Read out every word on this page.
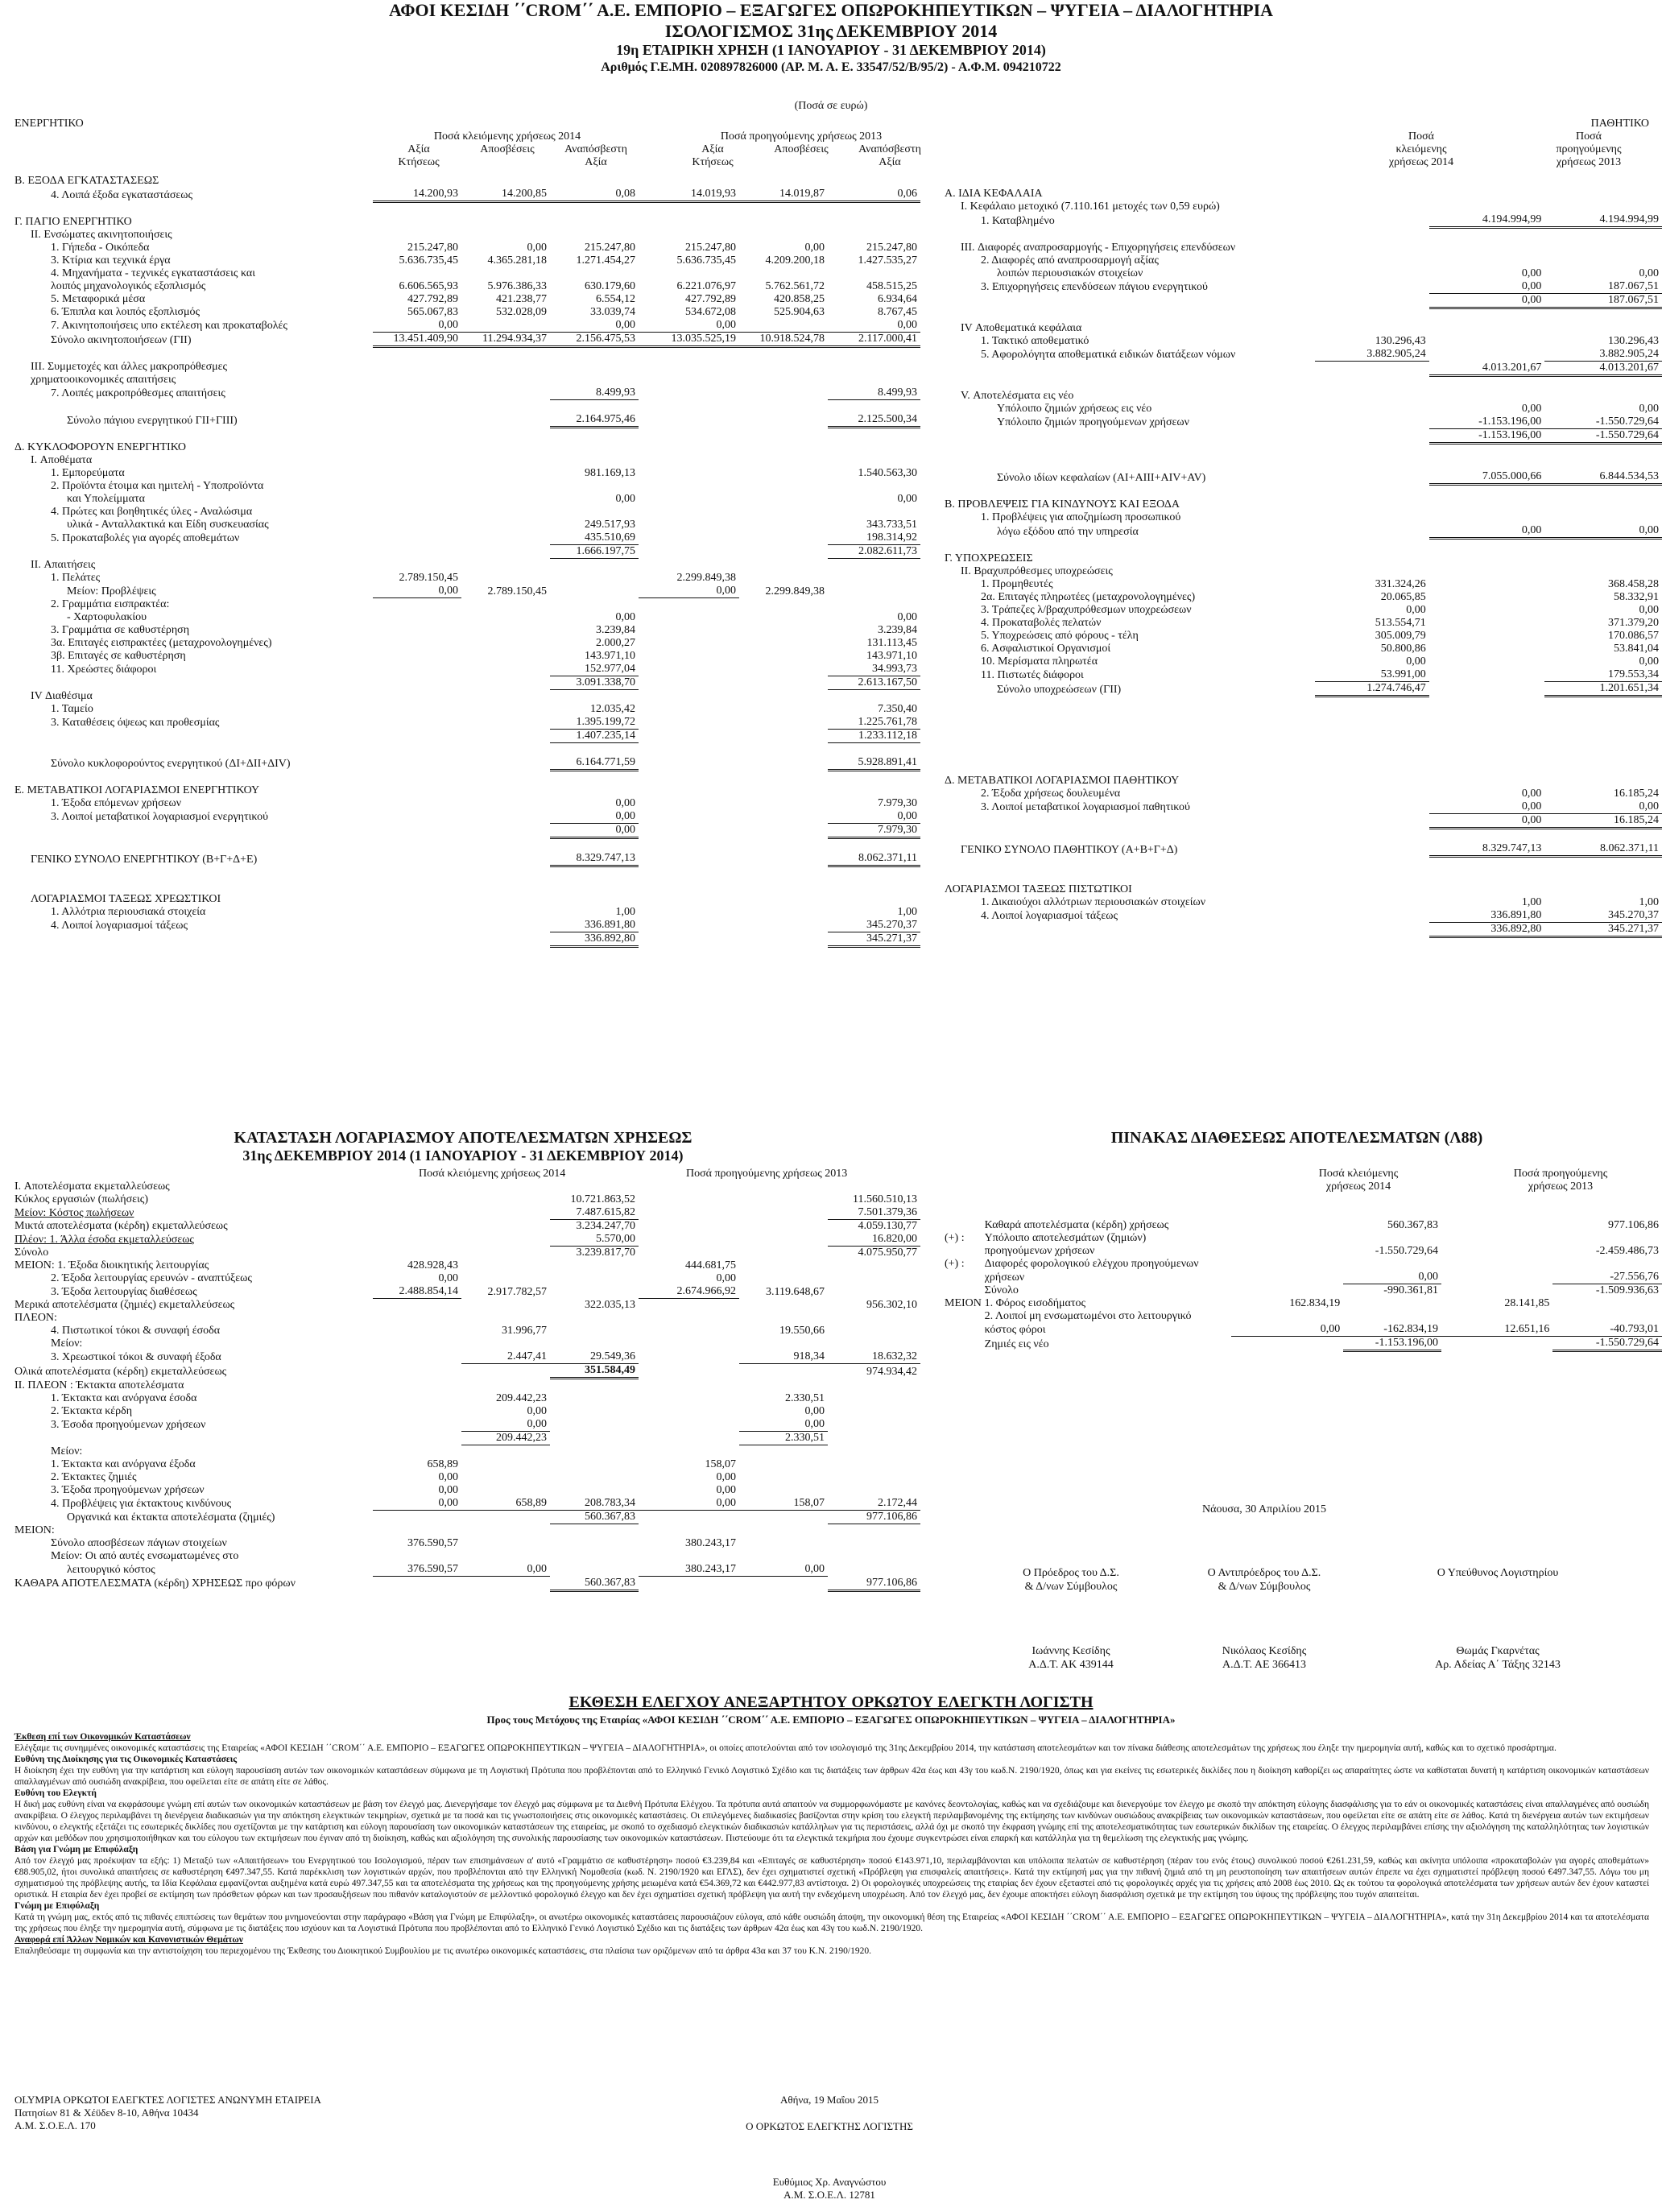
ΑΦΟΙ ΚΕΣΙΔΗ ΄΄CROM΄΄ Α.Ε. ΕΜΠΟΡΙΟ – ΕΞΑΓΩΓΕΣ ΟΠΩΡΟΚΗΠΕΥΤΙΚΩΝ – ΨΥΓΕΙΑ – ΔΙΑΛΟΓΗΤΗΡΙΑ
ΙΣΟΛΟΓΙΣΜΟΣ 31ης ΔΕΚΕΜΒΡΙΟΥ 2014
19η ΕΤΑΙΡΙΚΗ ΧΡΗΣΗ (1 ΙΑΝΟΥΑΡΙΟΥ - 31 ΔΕΚΕΜΒΡΙΟΥ 2014)
Αριθμός Γ.Ε.ΜΗ. 020897826000 (ΑΡ. Μ. Α. Ε. 33547/52/Β/95/2) - Α.Φ.Μ. 094210722
(Ποσά σε ευρώ)
ΕΝΕΡΓΗΤΙΚΟ
Ποσά κλειόμενης χρήσεως 2014	Ποσά προηγούμενης χρήσεως 2013
Αξία
Κτήσεως
Αποσβέσεις	Αναπόσβεστη
Αξία
Αξία
Κτήσεως
Αποσβέσεις	Αναπόσβεστη
Αξία
ΠΑΘΗΤΙΚΟ
Ποσά
κλειόμενης
χρήσεως 2014
Ποσά
προηγούμενης
χρήσεως 2013
Β. ΕΞΟΔΑ ΕΓΚΑΤΑΣΤΑΣΕΩΣ						
4. Λοιπά έξοδα εγκαταστάσεως	14.200,93	14.200,85	0,08	14.019,93	14.019,87	0,06

Γ. ΠΑΓΙΟ ΕΝΕΡΓΗΤΙΚΟ						
II. Ενσώματες ακινητοποιήσεις						
1. Γήπεδα - Οικόπεδα	215.247,80	0,00	215.247,80	215.247,80	0,00	215.247,80
3. Κτίρια και τεχνικά έργα	5.636.735,45	4.365.281,18	1.271.454,27	5.636.735,45	4.209.200,18	1.427.535,27
4. Μηχανήματα - τεχνικές εγκαταστάσεις και						
λοιπός μηχανολογικός εξοπλισμός	6.606.565,93	5.976.386,33	630.179,60	6.221.076,97	5.762.561,72	458.515,25
5. Μεταφορικά μέσα	427.792,89	421.238,77	6.554,12	427.792,89	420.858,25	6.934,64
6. Έπιπλα και λοιπός εξοπλισμός	565.067,83	532.028,09	33.039,74	534.672,08	525.904,63	8.767,45
7. Ακινητοποιήσεις υπο εκτέλεση και προκαταβολές	0,00		0,00	0,00		0,00
Σύνολο ακινητοποιήσεων (ΓΙΙ)	13.451.409,90	11.294.934,37	2.156.475,53	13.035.525,19	10.918.524,78	2.117.000,41

III. Συμμετοχές και άλλες μακροπρόθεσμες						
χρηματοοικονομικές απαιτήσεις						
7. Λοιπές μακροπρόθεσμες απαιτήσεις			8.499,93			8.499,93

Σύνολο πάγιου ενεργητικού ΓΙΙ+ΓΙΙΙ)			2.164.975,46			2.125.500,34

Δ. ΚΥΚΛΟΦΟΡΟΥΝ ΕΝΕΡΓΗΤΙΚΟ						
I. Αποθέματα						
1. Εμπορεύματα			981.169,13			1.540.563,30
2. Προϊόντα έτοιμα και ημιτελή - Υποπροϊόντα						
και Υπολείμματα			0,00			0,00
4. Πρώτες και βοηθητικές ύλες - Αναλώσιμα						
υλικά - Ανταλλακτικά και Είδη συσκευασίας			249.517,93			343.733,51
5. Προκαταβολές για αγορές αποθεμάτων			435.510,69			198.314,92
			1.666.197,75			2.082.611,73
II. Απαιτήσεις						
1. Πελάτες	2.789.150,45			2.299.849,38		
Μείον: Προβλέψεις	0,00	2.789.150,45		0,00	2.299.849,38	
2. Γραμμάτια εισπρακτέα:						
- Χαρτοφυλακίου			0,00			0,00
3. Γραμμάτια σε καθυστέρηση			3.239,84			3.239,84
3α. Επιταγές εισπρακτέες (μεταχρονολογημένες)			2.000,27			131.113,45
3β. Επιταγές σε καθυστέρηση			143.971,10			143.971,10
11. Χρεώστες διάφοροι			152.977,04			34.993,73
			3.091.338,70			2.613.167,50
IV Διαθέσιμα						
1. Ταμείο			12.035,42			7.350,40
3. Καταθέσεις όψεως και προθεσμίας			1.395.199,72			1.225.761,78
			1.407.235,14			1.233.112,18

Σύνολο κυκλοφορούντος ενεργητικού (ΔΙ+ΔΙΙ+ΔΙV)			6.164.771,59			5.928.891,41

Ε. ΜΕΤΑΒΑΤΙΚΟΙ ΛΟΓΑΡΙΑΣΜΟΙ ΕΝΕΡΓΗΤΙΚΟΥ						
1. Έξοδα επόμενων χρήσεων			0,00			7.979,30
3. Λοιποί μεταβατικοί λογαριασμοί ενεργητικού			0,00			0,00
			0,00			7.979,30

ΓΕΝΙΚΟ ΣΥΝΟΛΟ ΕΝΕΡΓΗΤΙΚΟΥ (Β+Γ+Δ+Ε)			8.329.747,13			8.062.371,11

ΛΟΓΑΡΙΑΣΜΟΙ ΤΑΞΕΩΣ ΧΡΕΩΣΤΙΚΟΙ						
1. Αλλότρια περιουσιακά στοιχεία			1,00			1,00
4. Λοιποί λογαριασμοί τάξεως			336.891,80			345.270,37
			336.892,80			345.271,37
Α. ΙΔΙΑ ΚΕΦΑΛΑΙΑ			
I. Κεφάλαιο μετοχικό (7.110.161 μετοχές των 0,59 ευρώ)			
1. Καταβλημένο		4.194.994,99	4.194.994,99

III. Διαφορές αναπροσαρμογής - Επιχορηγήσεις επενδύσεων			
2. Διαφορές από αναπροσαρμογή αξίας			
λοιπών περιουσιακών στοιχείων		0,00	0,00
3. Επιχορηγήσεις επενδύσεων πάγιου ενεργητικού		0,00	187.067,51
		0,00	187.067,51

IV Αποθεματικά κεφάλαια			
1. Τακτικό αποθεματικό	130.296,43		130.296,43
5. Αφορολόγητα αποθεματικά ειδικών διατάξεων νόμων	3.882.905,24		3.882.905,24
		4.013.201,67	4.013.201,67

V. Αποτελέσματα εις νέο			
Υπόλοιπο ζημιών χρήσεως εις νέο		0,00	0,00
Υπόλοιπο ζημιών προηγούμενων χρήσεων		-1.153.196,00	-1.550.729,64
		-1.153.196,00	-1.550.729,64

Σύνολο ιδίων κεφαλαίων (ΑΙ+ΑΙΙΙ+ΑΙV+AV)		7.055.000,66	6.844.534,53

Β. ΠΡΟΒΛΕΨΕΙΣ ΓΙΑ ΚΙΝΔΥΝΟΥΣ ΚΑΙ ΕΞΟΔΑ			
1. Προβλέψεις για αποζημίωση προσωπικού			
λόγω εξόδου από την υπηρεσία		0,00	0,00

Γ. ΥΠΟΧΡΕΩΣΕΙΣ			
II. Βραχυπρόθεσμες υποχρεώσεις			
1. Προμηθευτές	331.324,26		368.458,28
2α. Επιταγές πληρωτέες (μεταχρονολογημένες)	20.065,85		58.332,91
3. Τράπεζες λ/βραχυπρόθεσμων υποχρεώσεων	0,00		0,00
4. Προκαταβολές πελατών	513.554,71		371.379,20
5. Υποχρεώσεις από φόρους - τέλη	305.009,79		170.086,57
6. Ασφαλιστικοί Οργανισμοί	50.800,86		53.841,04
10. Μερίσματα πληρωτέα	0,00		0,00
11. Πιστωτές διάφοροι	53.991,00		179.553,34
Σύνολο υποχρεώσεων (ΓΙΙ)	1.274.746,47		1.201.651,34

Δ. ΜΕΤΑΒΑΤΙΚΟΙ ΛΟΓΑΡΙΑΣΜΟΙ ΠΑΘΗΤΙΚΟΥ			
2. Έξοδα χρήσεως δουλευμένα		0,00	16.185,24
3. Λοιποί μεταβατικοί λογαριασμοί παθητικού		0,00	0,00
		0,00	16.185,24

ΓΕΝΙΚΟ ΣΥΝΟΛΟ ΠΑΘΗΤΙΚΟΥ (Α+Β+Γ+Δ)		8.329.747,13	8.062.371,11

ΛΟΓΑΡΙΑΣΜΟΙ ΤΑΞΕΩΣ ΠΙΣΤΩΤΙΚΟΙ			
1. Δικαιούχοι αλλότριων περιουσιακών στοιχείων		1,00	1,00
4. Λοιποί λογαριασμοί τάξεως		336.891,80	345.270,37
		336.892,80	345.271,37
ΚΑΤΑΣΤΑΣΗ ΛΟΓΑΡΙΑΣΜΟΥ ΑΠΟΤΕΛΕΣΜΑΤΩΝ ΧΡΗΣΕΩΣ
31ης ΔΕΚΕΜΒΡΙΟΥ 2014 (1 ΙΑΝΟΥΑΡΙΟΥ - 31 ΔΕΚΕΜΒΡΙΟΥ 2014)
Ποσά κλειόμενης χρήσεως 2014	Ποσά προηγούμενης χρήσεως 2013
I. Αποτελέσματα εκμεταλλεύσεως						
Κύκλος εργασιών (πωλήσεις)			10.721.863,52			11.560.510,13
Μείον: Κόστος πωλήσεων			7.487.615,82			7.501.379,36
Μικτά αποτελέσματα (κέρδη) εκμεταλλεύσεως			3.234.247,70			4.059.130,77
Πλέον: 1. Άλλα έσοδα εκμεταλλεύσεως			5.570,00			16.820,00
Σύνολο			3.239.817,70			4.075.950,77
ΜΕΙΟΝ: 1. Έξοδα διοικητικής λειτουργίας	428.928,43			444.681,75		
2. Έξοδα λειτουργίας ερευνών - αναπτύξεως	0,00			0,00		
3. Έξοδα λειτουργίας διαθέσεως	2.488.854,14	2.917.782,57		2.674.966,92	3.119.648,67	
Μερικά αποτελέσματα (ζημιές) εκμεταλλεύσεως			322.035,13			956.302,10
ΠΛΕΟΝ:						
4. Πιστωτικοί τόκοι & συναφή έσοδα		31.996,77			19.550,66	
Μείον:						
3. Χρεωστικοί τόκοι & συναφή έξοδα		2.447,41	29.549,36		918,34	18.632,32
Ολικά αποτελέσματα (κέρδη) εκμεταλλεύσεως			351.584,49			974.934,42
II. ΠΛΕΟΝ : Έκτακτα αποτελέσματα						
1. Έκτακτα και ανόργανα έσοδα		209.442,23			2.330,51	
2. Έκτακτα κέρδη		0,00			0,00	
3. Έσοδα προηγούμενων χρήσεων		0,00			0,00	
		209.442,23			2.330,51	
Μείον:						
1. Έκτακτα και ανόργανα έξοδα	658,89			158,07		
2. Έκτακτες ζημιές	0,00			0,00		
3. Έξοδα προηγούμενων χρήσεων	0,00			0,00		
4. Προβλέψεις για έκτακτους κινδύνους	0,00	658,89	208.783,34	0,00	158,07	2.172,44
Οργανικά και έκτακτα αποτελέσματα (ζημιές)			560.367,83			977.106,86
ΜΕΙΟΝ:						
Σύνολο αποσβέσεων πάγιων στοιχείων	376.590,57			380.243,17		
Μείον: Οι από αυτές ενσωματωμένες στο						
λειτουργικό κόστος	376.590,57	0,00		380.243,17	0,00	
ΚΑΘΑΡΑ ΑΠΟΤΕΛΕΣΜΑΤΑ (κέρδη) ΧΡΗΣΕΩΣ προ φόρων			560.367,83			977.106,86
ΠΙΝΑΚΑΣ ΔΙΑΘΕΣΕΩΣ ΑΠΟΤΕΛΕΣΜΑΤΩΝ (Λ88)
Ποσά κλειόμενης
χρήσεως 2014
Ποσά προηγούμενης
χρήσεως 2013
	Καθαρά αποτελέσματα (κέρδη) χρήσεως		560.367,83		977.106,86
(+) :	Υπόλοιπο αποτελεσμάτων (ζημιών)				
	προηγούμενων χρήσεων		-1.550.729,64		-2.459.486,73
(+) :	Διαφορές φορολογικού ελέγχου προηγούμενων				
	χρήσεων		0,00		-27.556,76
	Σύνολο		-990.361,81		-1.509.936,63
ΜΕΙΟΝ	1. Φόρος εισοδήματος	162.834,19		28.141,85	
	2. Λοιποί μη ενσωματωμένοι στο λειτουργικό				
	κόστος φόροι	0,00	-162.834,19	12.651,16	-40.793,01
	Ζημιές εις νέο		-1.153.196,00		-1.550.729,64
Νάουσα, 30 Απριλίου 2015
Ο Πρόεδρος του Δ.Σ.
& Δ/νων Σύμβουλος
Ο Αντιπρόεδρος του Δ.Σ.
& Δ/νων Σύμβουλος
Ο Υπεύθυνος Λογιστηρίου
Ιωάννης Κεσίδης
Α.Δ.Τ. ΑΚ 439144
Νικόλαος Κεσίδης
Α.Δ.Τ. ΑΕ 366413
Θωμάς Γκαρνέτας
Αρ. Αδείας Α΄ Τάξης 32143
ΕΚΘΕΣΗ ΕΛΕΓΧΟΥ ΑΝΕΞΑΡΤΗΤΟΥ ΟΡΚΩΤΟΥ ΕΛΕΓΚΤΗ ΛΟΓΙΣΤΗ
Προς τους Μετόχους της Εταιρίας «ΑΦΟΙ ΚΕΣΙΔΗ ΄΄CROM΄΄ Α.Ε. ΕΜΠΟΡΙΟ – ΕΞΑΓΩΓΕΣ ΟΠΩΡΟΚΗΠΕΥΤΙΚΩΝ – ΨΥΓΕΙΑ – ΔΙΑΛΟΓΗΤΗΡΙΑ»

Έκθεση επί των Οικονομικών Καταστάσεων

Ελέγξαμε τις συνημμένες οικονομικές καταστάσεις της Εταιρείας «ΑΦΟΙ ΚΕΣΙΔΗ ΄΄CROM΄΄ Α.Ε. ΕΜΠΟΡΙΟ – ΕΞΑΓΩΓΕΣ ΟΠΩΡΟΚΗΠΕΥΤΙΚΩΝ – ΨΥΓΕΙΑ – ΔΙΑΛΟΓΗΤΗΡΙΑ», οι οποίες αποτελούνται από τον ισολογισμό της 31ης Δεκεμβρίου 2014, την κατάσταση αποτελεσμάτων και τον πίνακα διάθεσης αποτελεσμάτων της χρήσεως που έληξε την ημερομηνία αυτή, καθώς και το σχετικό προσάρτημα.

Ευθύνη της Διοίκησης για τις Οικονομικές Καταστάσεις

Η διοίκηση έχει την ευθύνη για την κατάρτιση και εύλογη παρουσίαση αυτών των οικονομικών καταστάσεων σύμφωνα με τη Λογιστική Πρότυπα που προβλέπονται από το Ελληνικό Γενικό Λογιστικό Σχέδιο και τις διατάξεις των άρθρων 42α έως και 43γ του κωδ.Ν. 2190/1920, όπως και για εκείνες τις εσωτερικές δικλίδες που η διοίκηση καθορίζει ως απαραίτητες ώστε να καθίσταται δυνατή η κατάρτιση οικονομικών καταστάσεων απαλλαγμένων από ουσιώδη ανακρίβεια, που οφείλεται είτε σε απάτη είτε σε λάθος.

Ευθύνη του Ελεγκτή

Η δική μας ευθύνη είναι να εκφράσουμε γνώμη επί αυτών των οικονομικών καταστάσεων με βάση τον έλεγχό μας. Διενεργήσαμε τον έλεγχό μας σύμφωνα με τα Διεθνή Πρότυπα Ελέγχου. Τα πρότυπα αυτά απαιτούν να συμμορφωνόμαστε με κανόνες δεοντολογίας, καθώς και να σχεδιάζουμε και διενεργούμε τον έλεγχο με σκοπό την απόκτηση εύλογης διασφάλισης για το εάν οι οικονομικές καταστάσεις είναι απαλλαγμένες από ουσιώδη ανακρίβεια. Ο έλεγχος περιλαμβάνει τη διενέργεια διαδικασιών για την απόκτηση ελεγκτικών τεκμηρίων, σχετικά με τα ποσά και τις γνωστοποιήσεις στις οικονομικές καταστάσεις. Οι επιλεγόμενες διαδικασίες βασίζονται στην κρίση του ελεγκτή περιλαμβανομένης της εκτίμησης των κινδύνων ουσιώδους ανακρίβειας των οικονομικών καταστάσεων, που οφείλεται είτε σε απάτη είτε σε λάθος. Κατά τη διενέργεια αυτών των εκτιμήσεων κινδύνου, ο ελεγκτής εξετάζει τις εσωτερικές δικλίδες που σχετίζονται με την κατάρτιση και εύλογη παρουσίαση των οικονομικών καταστάσεων της εταιρείας, με σκοπό το σχεδιασμό ελεγκτικών διαδικασιών κατάλληλων για τις περιστάσεις, αλλά όχι με σκοπό την έκφραση γνώμης επί της αποτελεσματικότητας των εσωτερικών δικλίδων της εταιρείας. Ο έλεγχος περιλαμβάνει επίσης την αξιολόγηση της καταλληλότητας των λογιστικών αρχών και μεθόδων που χρησιμοποιήθηκαν και του εύλογου των εκτιμήσεων που έγιναν από τη διοίκηση, καθώς και αξιολόγηση της συνολικής παρουσίασης των οικονομικών καταστάσεων. Πιστεύουμε ότι τα ελεγκτικά τεκμήρια που έχουμε συγκεντρώσει είναι επαρκή και κατάλληλα για τη θεμελίωση της ελεγκτικής μας γνώμης.

Βάση για Γνώμη με Επιφύλαξη

Από τον έλεγχό μας προέκυψαν τα εξής: 1) Μεταξύ των «Απαιτήσεων» του Ενεργητικού του Ισολογισμού, πέραν των επισημάνσεων α' αυτό «Γραμμάτιο σε καθυστέρηση» ποσού €3.239,84 και «Επιταγές σε καθυστέρηση» ποσού €143.971,10, περιλαμβάνονται και υπόλοιπα πελατών σε καθυστέρηση (πέραν του ενός έτους) συνολικού ποσού €261.231,59, καθώς και ακίνητα υπόλοιπα «προκαταβολών για αγορές αποθεμάτων» €88.905,02, ήτοι συνολικά απαιτήσεις σε καθυστέρηση €497.347,55. Κατά παρέκκλιση των λογιστικών αρχών, που προβλέπονται από την Ελληνική Νομοθεσία (κωδ. Ν. 2190/1920 και ΕΓΛΣ), δεν έχει σχηματιστεί σχετική «Πρόβλεψη για επισφαλείς απαιτήσεις». Κατά την εκτίμησή μας για την πιθανή ζημιά από τη μη ρευστοποίηση των απαιτήσεων αυτών έπρεπε να έχει σχηματιστεί πρόβλεψη ποσού €497.347,55. Λόγω του μη σχηματισμού της πρόβλεψης αυτής, τα Ιδία Κεφάλαια εμφανίζονται αυξημένα κατά ευρώ 497.347,55 και τα αποτελέσματα της χρήσεως και της προηγούμενης χρήσης μειωμένα κατά €54.369,72 και €442.977,83 αντίστοιχα. 2) Οι φορολογικές υποχρεώσεις της εταιρίας δεν έχουν εξεταστεί από τις φορολογικές αρχές για τις χρήσεις από 2008 έως 2010. Ως εκ τούτου τα φορολογικά αποτελέσματα των χρήσεων αυτών δεν έχουν καταστεί οριστικά. Η εταιρία δεν έχει προβεί σε εκτίμηση των πρόσθετων φόρων και των προσαυξήσεων που πιθανόν καταλογιστούν σε μελλοντικό φορολογικό έλεγχο και δεν έχει σχηματίσει σχετική πρόβλεψη για αυτή την ενδεχόμενη υποχρέωση. Από τον έλεγχό μας, δεν έχουμε αποκτήσει εύλογη διασφάλιση σχετικά με την εκτίμηση του ύψους της πρόβλεψης που τυχόν απαιτείται.

Γνώμη με Επιφύλαξη

Κατά τη γνώμη μας, εκτός από τις πιθανές επιπτώσεις των θεμάτων που μνημονεύονται στην παράγραφο «Βάση για Γνώμη με Επιφύλαξη», οι ανωτέρω οικονομικές καταστάσεις παρουσιάζουν εύλογα, από κάθε ουσιώδη άποψη, την οικονομική θέση της Εταιρείας «ΑΦΟΙ ΚΕΣΙΔΗ ΄΄CROM΄΄ Α.Ε. ΕΜΠΟΡΙΟ – ΕΞΑΓΩΓΕΣ ΟΠΩΡΟΚΗΠΕΥΤΙΚΩΝ – ΨΥΓΕΙΑ – ΔΙΑΛΟΓΗΤΗΡΙΑ», κατά την 31η Δεκεμβρίου 2014 και τα αποτελέσματα της χρήσεως που έληξε την ημερομηνία αυτή, σύμφωνα με τις διατάξεις που ισχύουν και τα Λογιστικά Πρότυπα που προβλέπονται από το Ελληνικό Γενικό Λογιστικό Σχέδιο και τις διατάξεις των άρθρων 42α έως και 43γ του κωδ.Ν. 2190/1920.

Αναφορά επί Άλλων Νομικών και Κανονιστικών Θεμάτων

Επαληθεύσαμε τη συμφωνία και την αντιστοίχηση του περιεχομένου της Έκθεσης του Διοικητικού Συμβουλίου με τις ανωτέρω οικονομικές καταστάσεις, στα πλαίσια των οριζόμενων από τα άρθρα 43α και 37 του Κ.Ν. 2190/1920.

OLYMPIA ΟΡΚΩΤΟΙ ΕΛΕΓΚΤΕΣ ΛΟΓΙΣΤΕΣ ΑΝΩΝΥΜΗ ΕΤΑΙΡΕΙΑ
Πατησίων 81 & Χέϋδεν 8-10, Αθήνα 10434
Α.Μ. Σ.Ο.Ε.Λ. 170
Αθήνα, 19 Μαΐου 2015
Ο ΟΡΚΩΤΟΣ ΕΛΕΓΚΤΗΣ ΛΟΓΙΣΤΗΣ
Ευθύμιος Χρ. Αναγνώστου
Α.Μ. Σ.Ο.Ε.Λ. 12781
